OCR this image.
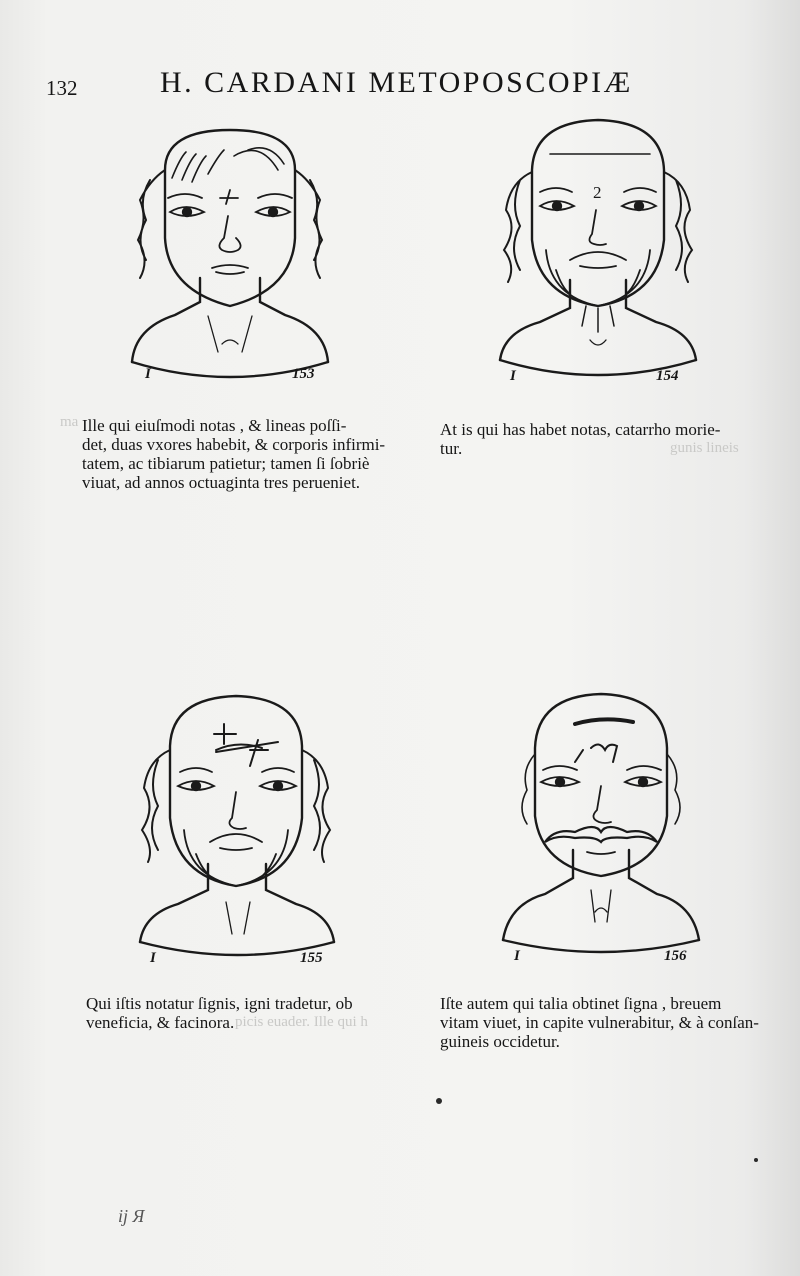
132	H. CARDANI METOPOSCOPIÆ
ma
gunis lineis
picis euader. Ille qui h
I	153
2
I	154
Ille qui eiuſmodi notas , & lineas poſſi-
det, duas vxores habebit, & corporis infirmi-
tatem, ac tibiarum patietur; tamen ſi ſobriè
viuat, ad annos octuaginta tres perueniet.
At is qui has habet notas, catarrho morie-
tur.
I	155	I	156
Qui iſtis notatur ſignis, igni tradetur, ob
veneficia, & facinora.
Iſte autem qui talia obtinet ſigna , breuem
vitam viuet, in capite vulnerabitur, & à conſan-
guineis occidetur.
ij Я
